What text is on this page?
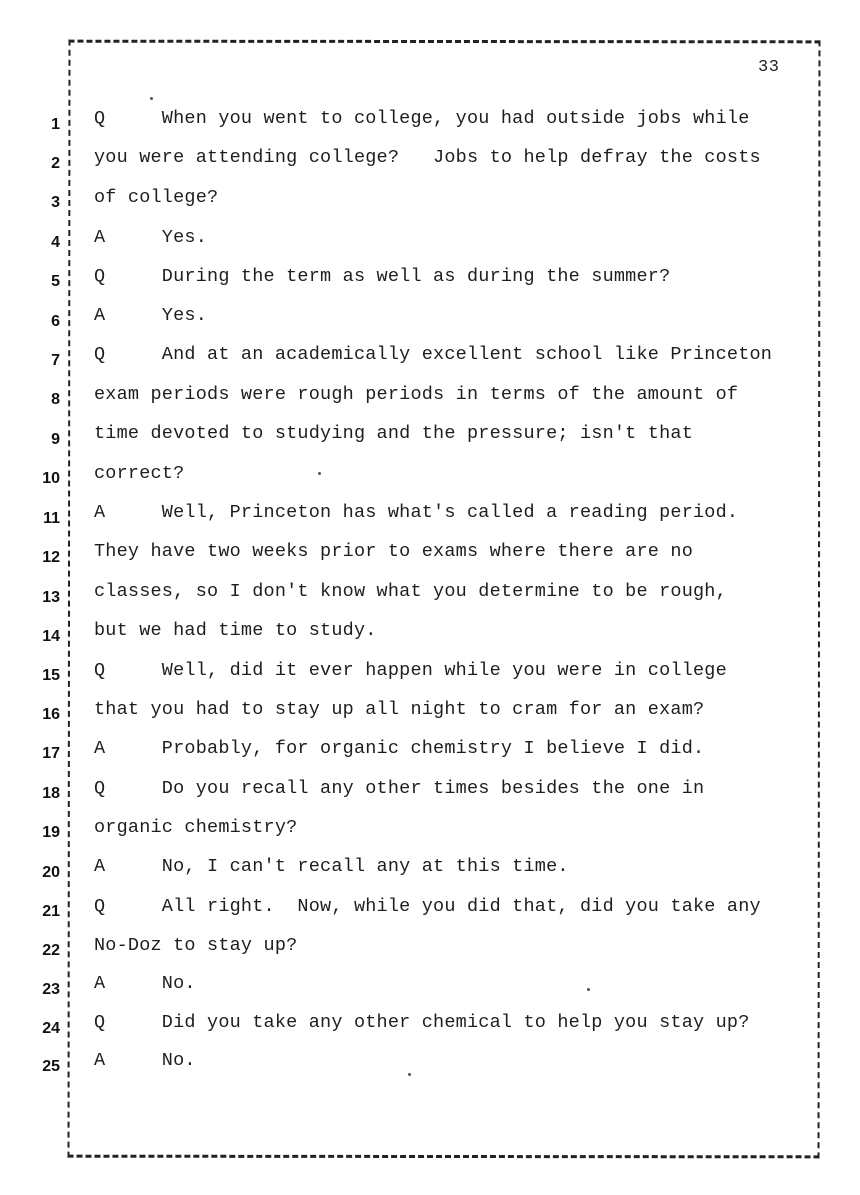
33
1 Q     When you went to college, you had outside jobs while
2 you were attending college?   Jobs to help defray the costs
3 of college?
4 A     Yes.
5 Q     During the term as well as during the summer?
6 A     Yes.
7 Q     And at an academically excellent school like Princeton
8 exam periods were rough periods in terms of the amount of
9 time devoted to studying and the pressure; isn't that
10 correct?
11 A     Well, Princeton has what's called a reading period.
12 They have two weeks prior to exams where there are no
13 classes, so I don't know what you determine to be rough,
14 but we had time to study.
15 Q     Well, did it ever happen while you were in college
16 that you had to stay up all night to cram for an exam?
17 A     Probably, for organic chemistry I believe I did.
18 Q     Do you recall any other times besides the one in
19 organic chemistry?
20 A     No, I can't recall any at this time.
21 Q     All right.  Now, while you did that, did you take any
22 No-Doz to stay up?
23 A     No.
24 Q     Did you take any other chemical to help you stay up?
25 A     No.
